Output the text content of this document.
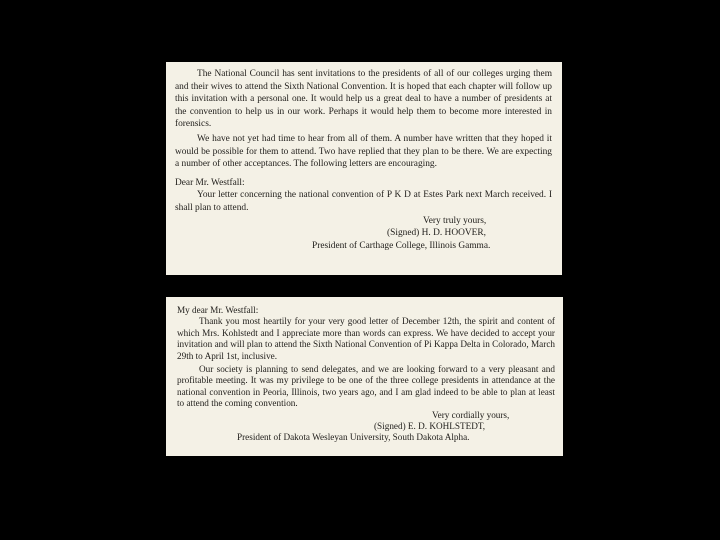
The National Council has sent invitations to the presidents of all of our colleges urging them and their wives to attend the Sixth National Convention. It is hoped that each chapter will follow up this invitation with a personal one. It would help us a great deal to have a number of presidents at the convention to help us in our work. Perhaps it would help them to become more interested in forensics.

We have not yet had time to hear from all of them. A number have written that they hoped it would be possible for them to attend. Two have replied that they plan to be there. We are expecting a number of other acceptances. The following letters are encouraging.

Dear Mr. Westfall:

Your letter concerning the national convention of P K D at Estes Park next March received. I shall plan to attend.

Very truly yours,

(Signed) H. D. HOOVER,

President of Carthage College, Illinois Gamma.

My dear Mr. Westfall:

Thank you most heartily for your very good letter of December 12th, the spirit and content of which Mrs. Kohlstedt and I appreciate more than words can express. We have decided to accept your invitation and will plan to attend the Sixth National Convention of Pi Kappa Delta in Colorado, March 29th to April 1st, inclusive.

Our society is planning to send delegates, and we are looking forward to a very pleasant and profitable meeting. It was my privilege to be one of the three college presidents in attendance at the national convention in Peoria, Illinois, two years ago, and I am glad indeed to be able to plan at least to attend the coming convention.

Very cordially yours,

(Signed) E. D. KOHLSTEDT,

President of Dakota Wesleyan University, South Dakota Alpha.
